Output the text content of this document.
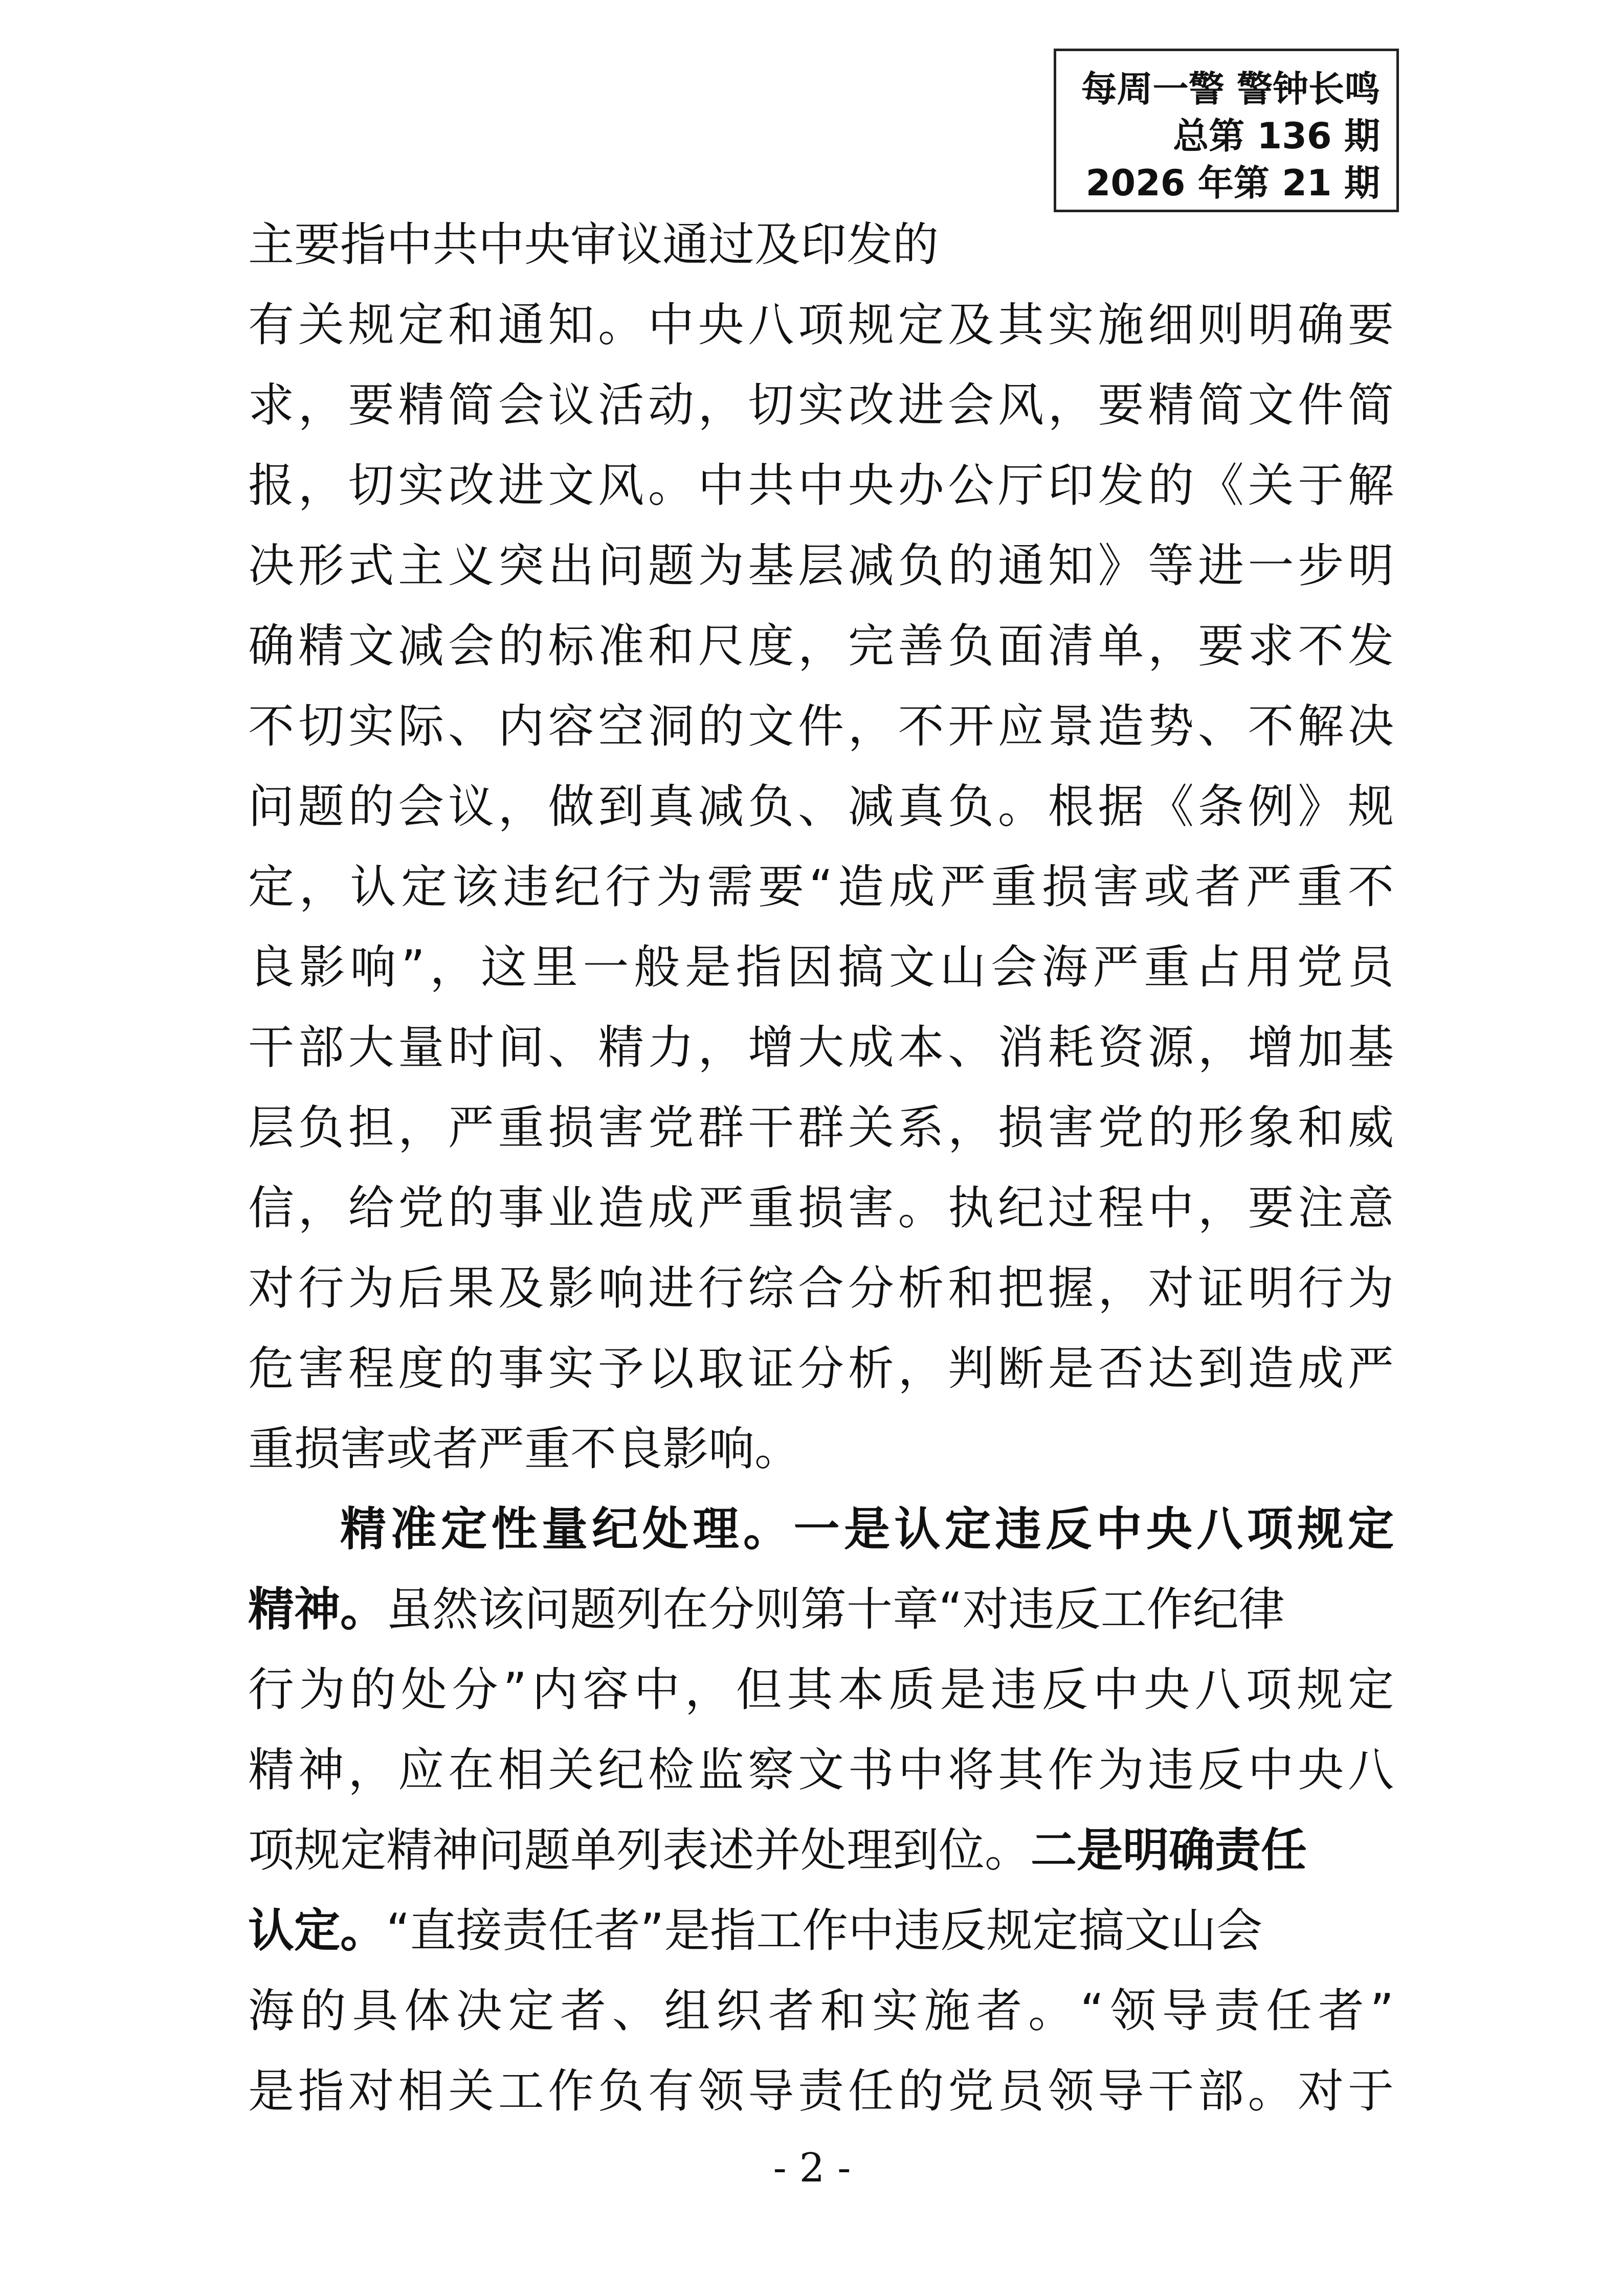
每周一警 警钟长鸣
总第 136 期
2026 年第 21 期
主要指中共中央审议通过及印发的
有关规定和通知。中央八项规定及其实施细则明确要
求，要精简会议活动，切实改进会风，要精简文件简
报，切实改进文风。中共中央办公厅印发的《关于解
决形式主义突出问题为基层减负的通知》等进一步明
确精文减会的标准和尺度，完善负面清单，要求不发
不切实际、内容空洞的文件，不开应景造势、不解决
问题的会议，做到真减负、减真负。根据《条例》规
定，认定该违纪行为需要“造成严重损害或者严重不
良影响”，这里一般是指因搞文山会海严重占用党员
干部大量时间、精力，增大成本、消耗资源，增加基
层负担，严重损害党群干群关系，损害党的形象和威
信，给党的事业造成严重损害。执纪过程中，要注意
对行为后果及影响进行综合分析和把握，对证明行为
危害程度的事实予以取证分析，判断是否达到造成严
重损害或者严重不良影响。
精准定性量纪处理。一是认定违反中央八项规定
精神。虽然该问题列在分则第十章“对违反工作纪律
行为的处分”内容中，但其本质是违反中央八项规定
精神，应在相关纪检监察文书中将其作为违反中央八
项规定精神问题单列表述并处理到位。二是明确责任
认定。“直接责任者”是指工作中违反规定搞文山会
海的具体决定者、组织者和实施者。“领导责任者”
是指对相关工作负有领导责任的党员领导干部。对于
- 2 -
